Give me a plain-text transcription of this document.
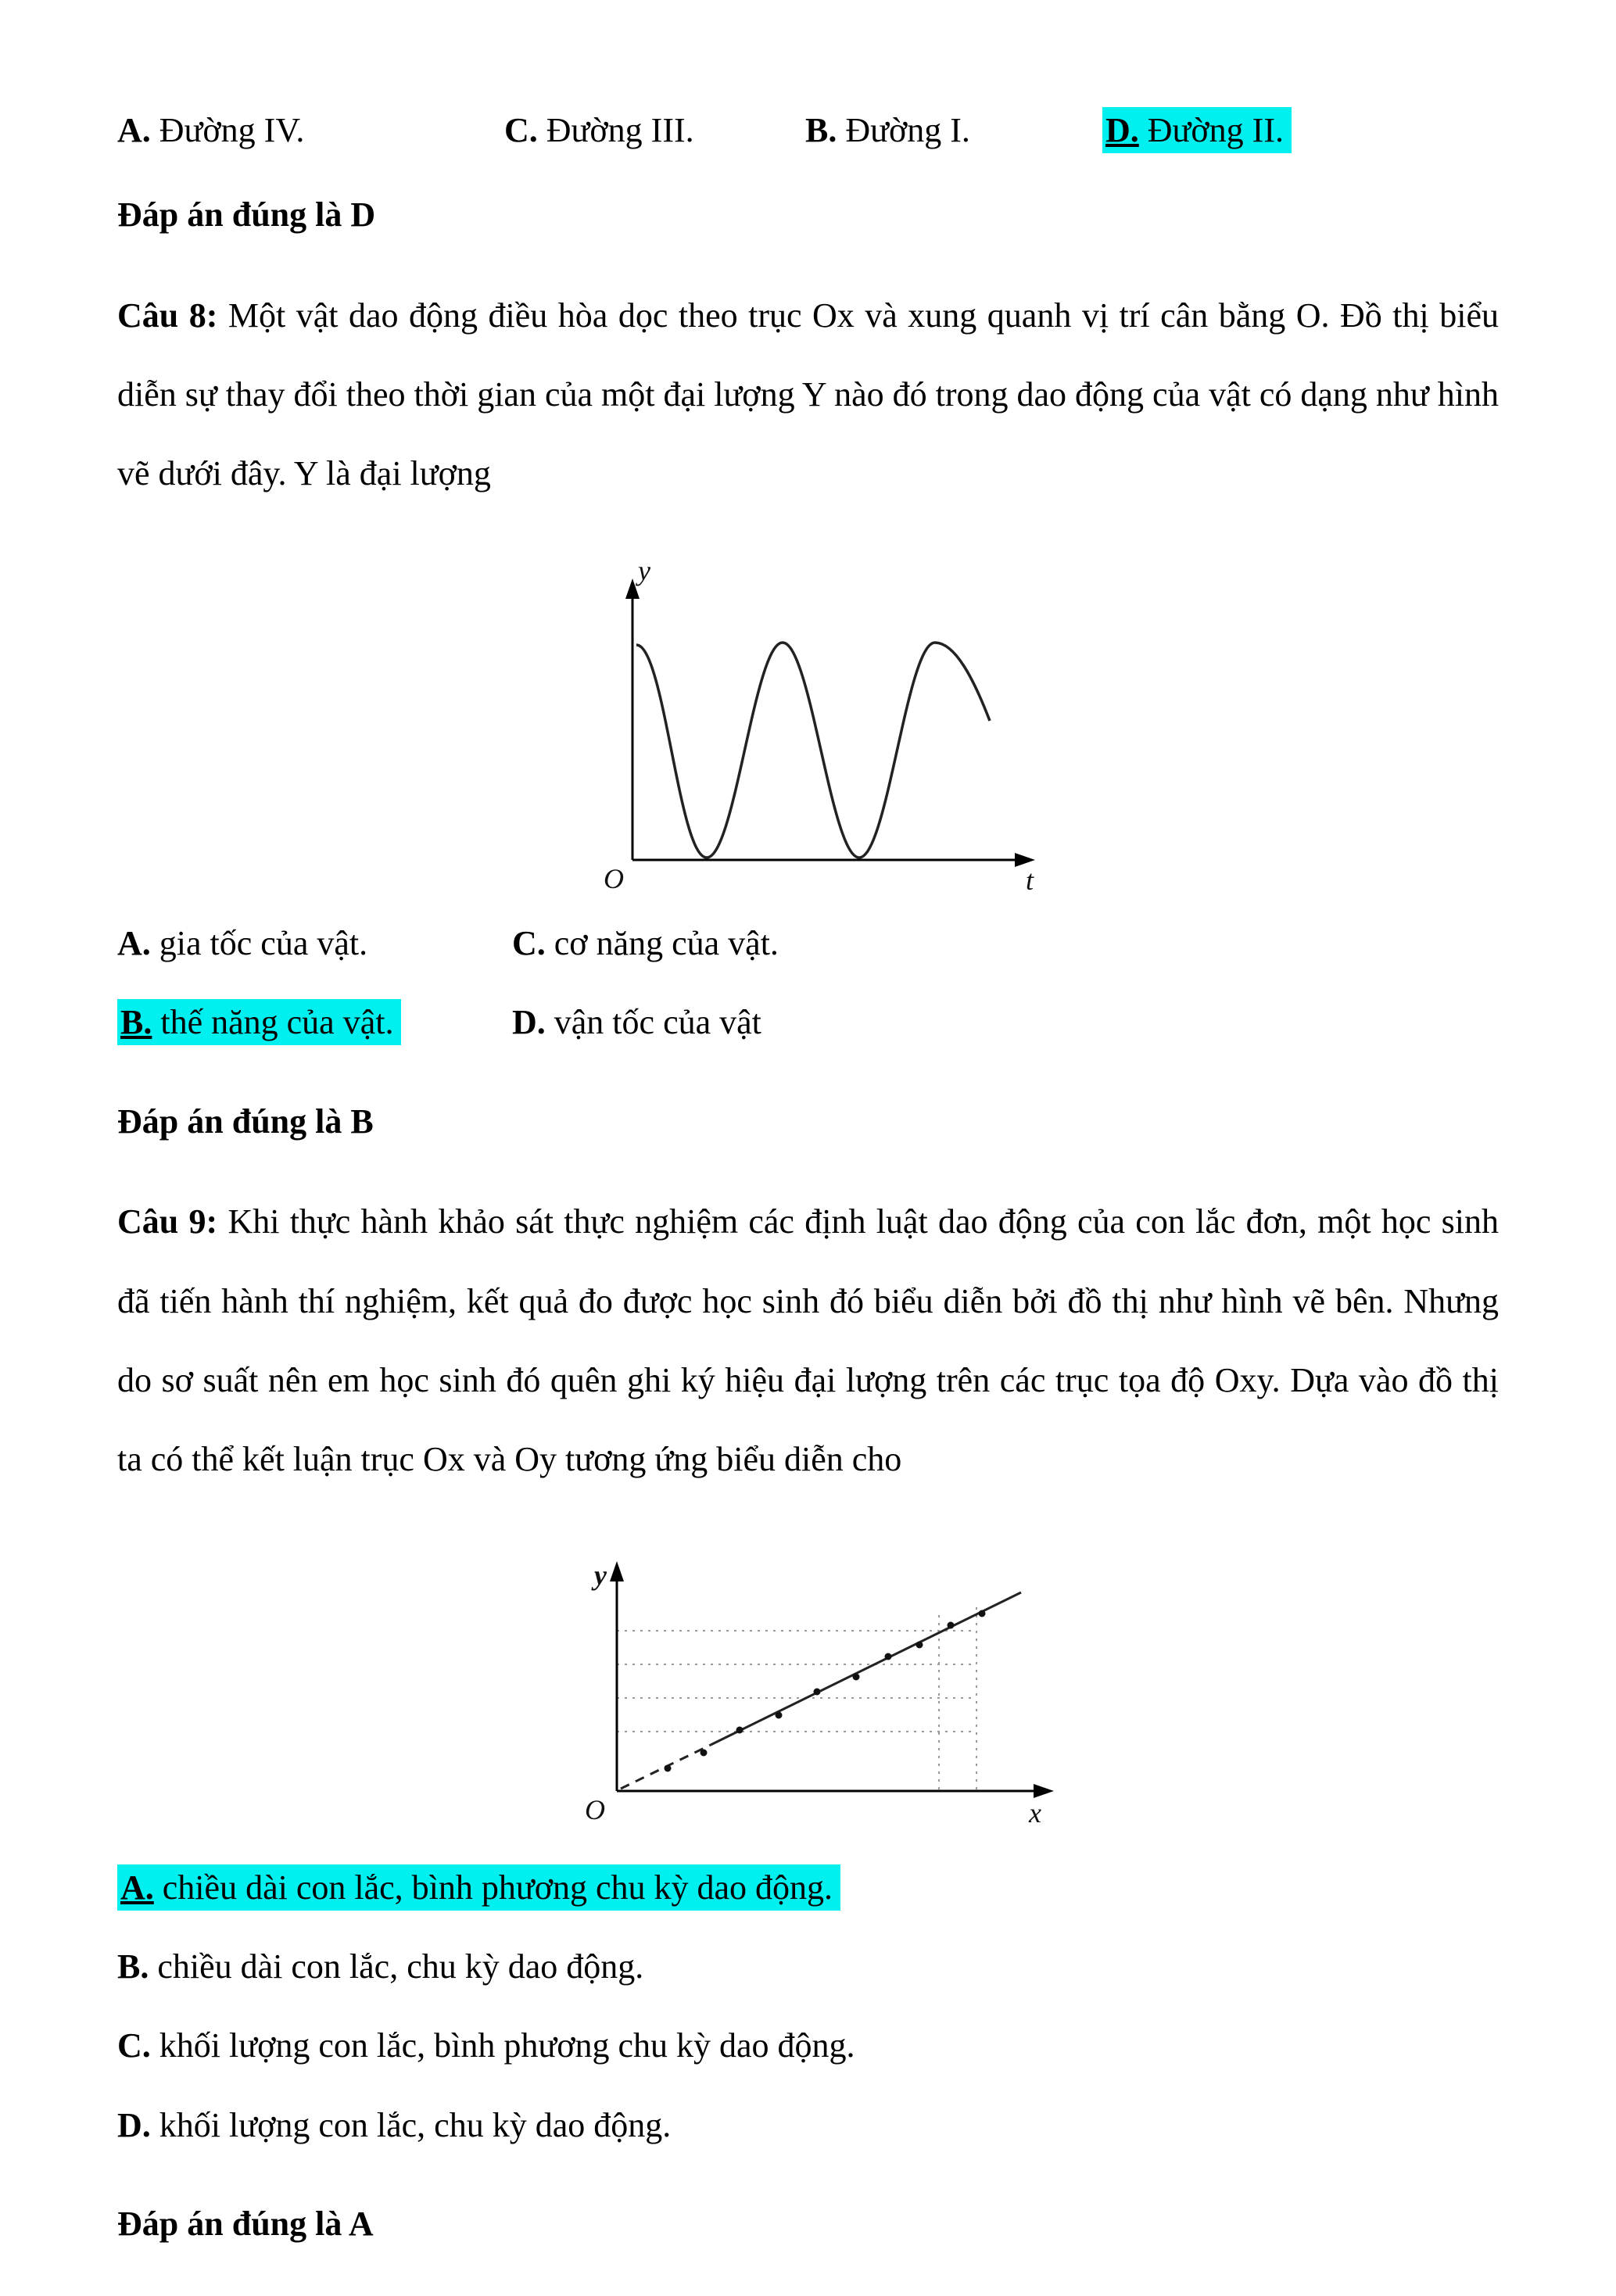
A. Đường IV.	C. Đường III.	B. Đường I.	D. Đường II.
Đáp án đúng là D

Câu 8: Một vật dao động điều hòa dọc theo trục Ox và xung quanh vị trí cân bằng O. Đồ thị biểu diễn sự thay đổi theo thời gian của một đại lượng Y nào đó trong dao động của vật có dạng như hình vẽ dưới đây. Y là đại lượng

y
O	t
A. gia tốc của vật.	C. cơ năng của vật.
B. thế năng của vật.	D. vận tốc của vật
Đáp án đúng là B

Câu 9: Khi thực hành khảo sát thực nghiệm các định luật dao động của con lắc đơn, một học sinh đã tiến hành thí nghiệm, kết quả đo được học sinh đó biểu diễn bởi đồ thị như hình vẽ bên. Nhưng do sơ suất nên em học sinh đó quên ghi ký hiệu đại lượng trên các trục tọa độ Oxy. Dựa vào đồ thị ta có thể kết luận trục Ox và Oy tương ứng biểu diễn cho

y
O	x
A. chiều dài con lắc, bình phương chu kỳ dao động.
B. chiều dài con lắc, chu kỳ dao động.
C. khối lượng con lắc, bình phương chu kỳ dao động.
D. khối lượng con lắc, chu kỳ dao động.
Đáp án đúng là A
